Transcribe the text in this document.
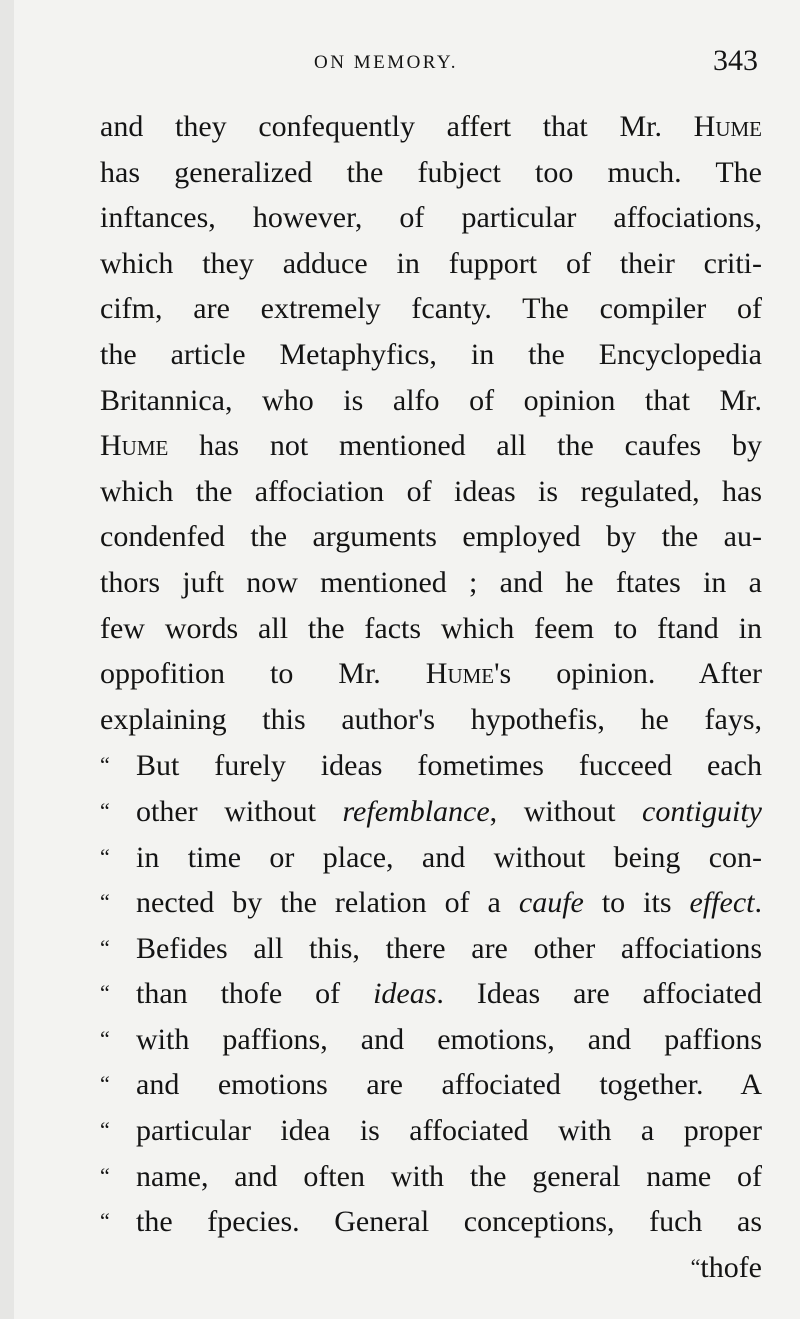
ON MEMORY.	343
and they confequently affert that Mr. Hume
has generalized the fubject too much. The
inftances, however, of particular affociations,
which they adduce in fupport of their criti-
cifm, are extremely fcanty. The compiler of
the article Metaphyfics, in the Encyclopedia
Britannica, who is alfo of opinion that Mr.
Hume has not mentioned all the caufes by
which the affociation of ideas is regulated, has
condenfed the arguments employed by the au-
thors juft now mentioned ; and he ftates in a
few words all the facts which feem to ftand in
oppofition to Mr. Hume's opinion. After
explaining this author's hypothefis, he fays,
“ But furely ideas fometimes fucceed each
“ other without refemblance, without contiguity
“ in time or place, and without being con-
“ nected by the relation of a caufe to its effect.
“ Befides all this, there are other affociations
“ than thofe of ideas. Ideas are affociated
“ with paffions, and emotions, and paffions
“ and emotions are affociated together. A
“ particular idea is affociated with a proper
“ name, and often with the general name of
“ the fpecies. General conceptions, fuch as
“thofe
